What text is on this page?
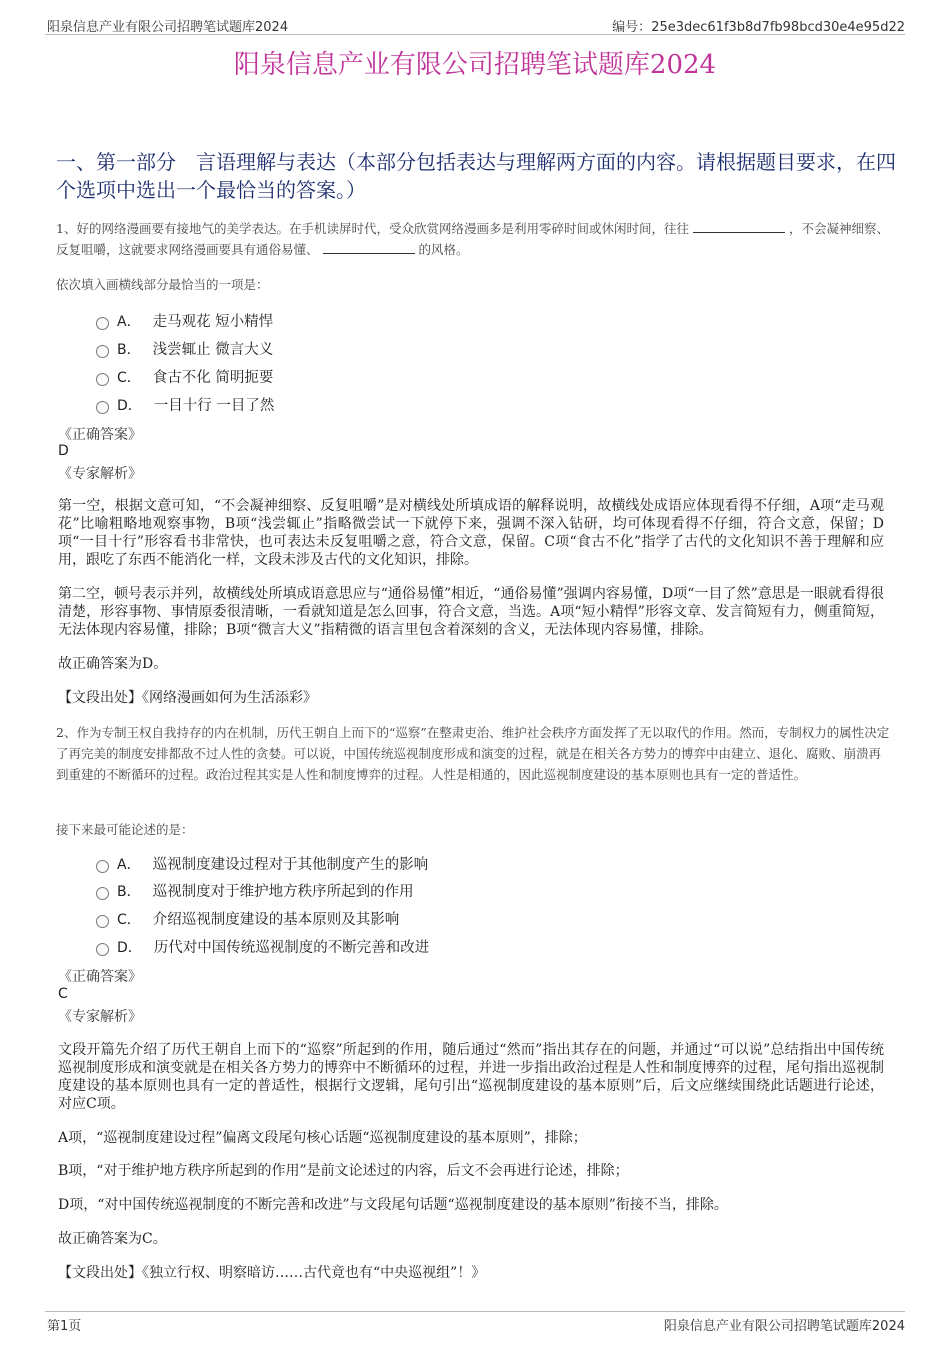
阳泉信息产业有限公司招聘笔试题库2024	编号：25e3dec61f3b8d7fb98bcd30e4e95d22
阳泉信息产业有限公司招聘笔试题库2024
一、第一部分　言语理解与表达（本部分包括表达与理解两方面的内容。请根据题目要求，在四个选项中选出一个最恰当的答案。）
1、好的网络漫画要有接地气的美学表达。在手机读屏时代，受众欣赏网络漫画多是利用零碎时间或休闲时间，往往	，不会凝神细察、反复咀嚼，这就要求网络漫画要具有通俗易懂、	的风格。
依次填入画横线部分最恰当的一项是：
A． 走马观花 短小精悍
B． 浅尝辄止 微言大义
C． 食古不化 简明扼要
D． 一目十行 一目了然
《正确答案》
D
《专家解析》
第一空，根据文意可知，“不会凝神细察、反复咀嚼”是对横线处所填成语的解释说明，故横线处成语应体现看得不仔细，A项“走马观花”比喻粗略地观察事物，B项“浅尝辄止”指略微尝试一下就停下来，强调不深入钻研，均可体现看得不仔细，符合文意，保留；D项“一目十行”形容看书非常快，也可表达未反复咀嚼之意，符合文意，保留。C项“食古不化”指学了古代的文化知识不善于理解和应用，跟吃了东西不能消化一样，文段未涉及古代的文化知识，排除。
第二空，顿号表示并列，故横线处所填成语意思应与“通俗易懂”相近，“通俗易懂”强调内容易懂，D项“一目了然”意思是一眼就看得很清楚，形容事物、事情原委很清晰，一看就知道是怎么回事，符合文意，当选。A项“短小精悍”形容文章、发言简短有力，侧重简短，无法体现内容易懂，排除；B项“微言大义”指精微的语言里包含着深刻的含义，无法体现内容易懂，排除。
故正确答案为D。
【文段出处】《网络漫画如何为生活添彩》
2、作为专制王权自我持存的内在机制，历代王朝自上而下的“巡察”在整肃吏治、维护社会秩序方面发挥了无以取代的作用。然而，专制权力的属性决定了再完美的制度安排都敌不过人性的贪婪。可以说，中国传统巡视制度形成和演变的过程，就是在相关各方势力的博弈中由建立、退化、腐败、崩溃再到重建的不断循环的过程。政治过程其实是人性和制度博弈的过程。人性是相通的，因此巡视制度建设的基本原则也具有一定的普适性。
接下来最可能论述的是：
A． 巡视制度建设过程对于其他制度产生的影响
B． 巡视制度对于维护地方秩序所起到的作用
C． 介绍巡视制度建设的基本原则及其影响
D． 历代对中国传统巡视制度的不断完善和改进
《正确答案》
C
《专家解析》
文段开篇先介绍了历代王朝自上而下的“巡察”所起到的作用，随后通过“然而”指出其存在的问题，并通过“可以说”总结指出中国传统巡视制度形成和演变就是在相关各方势力的博弈中不断循环的过程，并进一步指出政治过程是人性和制度博弈的过程，尾句指出巡视制度建设的基本原则也具有一定的普适性，根据行文逻辑，尾句引出“巡视制度建设的基本原则”后，后文应继续围绕此话题进行论述，对应C项。
A项，“巡视制度建设过程”偏离文段尾句核心话题“巡视制度建设的基本原则”，排除；
B项，“对于维护地方秩序所起到的作用”是前文论述过的内容，后文不会再进行论述，排除；
D项，“对中国传统巡视制度的不断完善和改进”与文段尾句话题“巡视制度建设的基本原则”衔接不当，排除。
故正确答案为C。
【文段出处】《独立行权、明察暗访……古代竟也有“中央巡视组”！》
第1页	阳泉信息产业有限公司招聘笔试题库2024
